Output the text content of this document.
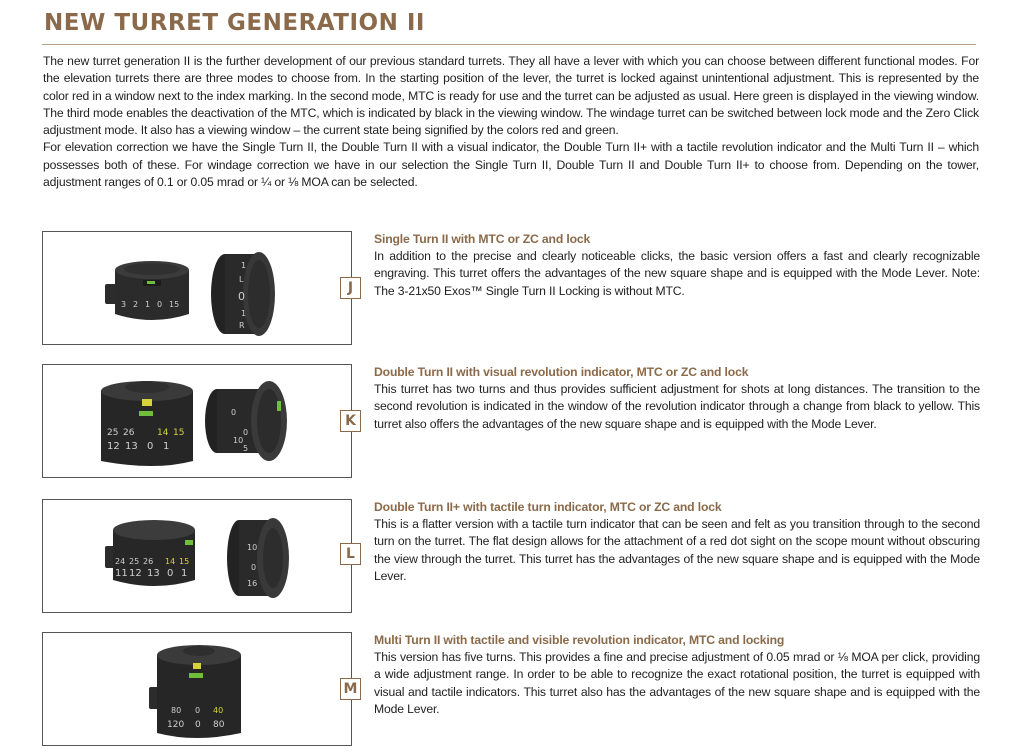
NEW TURRET GENERATION II

The new turret generation II is the further development of our previous standard turrets. They all have a lever with which you can choose between different functional modes. For the elevation turrets there are three modes to choose from. In the starting position of the lever, the turret is locked against unintentional adjustment. This is represented by the color red in a window next to the index marking. In the second mode, MTC is ready for use and the turret can be adjusted as usual. Here green is displayed in the viewing window. The third mode enables the deactivation of the MTC, which is indicated by black in the viewing window. The windage turret can be switched between lock mode and the Zero Click adjustment mode. It also has a viewing window – the current state being signified by the colors red and green.

For elevation correction we have the Single Turn II, the Double Turn II with a visual indicator, the Double Turn II+ with a tactile revolution indicator and the Multi Turn II – which possesses both of these. For windage correction we have in our selection the Single Turn II, Double Turn II and Double Turn II+ to choose from. Depending on the tower, adjustment ranges of 0.1 or 0.05 mrad or ¼ or ⅛ MOA can be selected.

3 2 1 0 15
1
L
0
1
R
J

Single Turn II with MTC or ZC and lock

In addition to the precise and clearly noticeable clicks, the basic version offers a fast and clearly recognizable engraving. This turret offers the advantages of the new square shape and is equipped with the Mode Lever. Note: The 3-21x50 Exos™ Single Turn II Locking is without MTC.

25 26	14 15
12 13 0 1
0
10
0
5
K

Double Turn II with visual revolution indicator, MTC or ZC and lock

This turret has two turns and thus provides sufficient adjustment for shots at long distances. The transition to the second revolution is indicated in the window of the revolution indicator through a change from black to yellow. This turret also offers the advantages of the new square shape and is equipped with the Mode Lever.

24 25 26 14 15
11 12 13 0 1
10
0
16
L

Double Turn II+ with tactile turn indicator, MTC or ZC and lock

This is a flatter version with a tactile turn indicator that can be seen and felt as you transition through to the second turn on the turret. The flat design allows for the attachment of a red dot sight on the scope mount without obscuring the view through the turret. This turret has the advantages of the new square shape and is equipped with the Mode Lever.

80 0 40
120 0 80
M

Multi Turn II with tactile and visible revolution indicator, MTC and locking

This version has five turns. This provides a fine and precise adjustment of 0.05 mrad or ⅛ MOA per click, providing a wide adjustment range. In order to be able to recognize the exact rotational position, the turret is equipped with visual and tactile indicators. This turret also has the advantages of the new square shape and is equipped with the Mode Lever.
